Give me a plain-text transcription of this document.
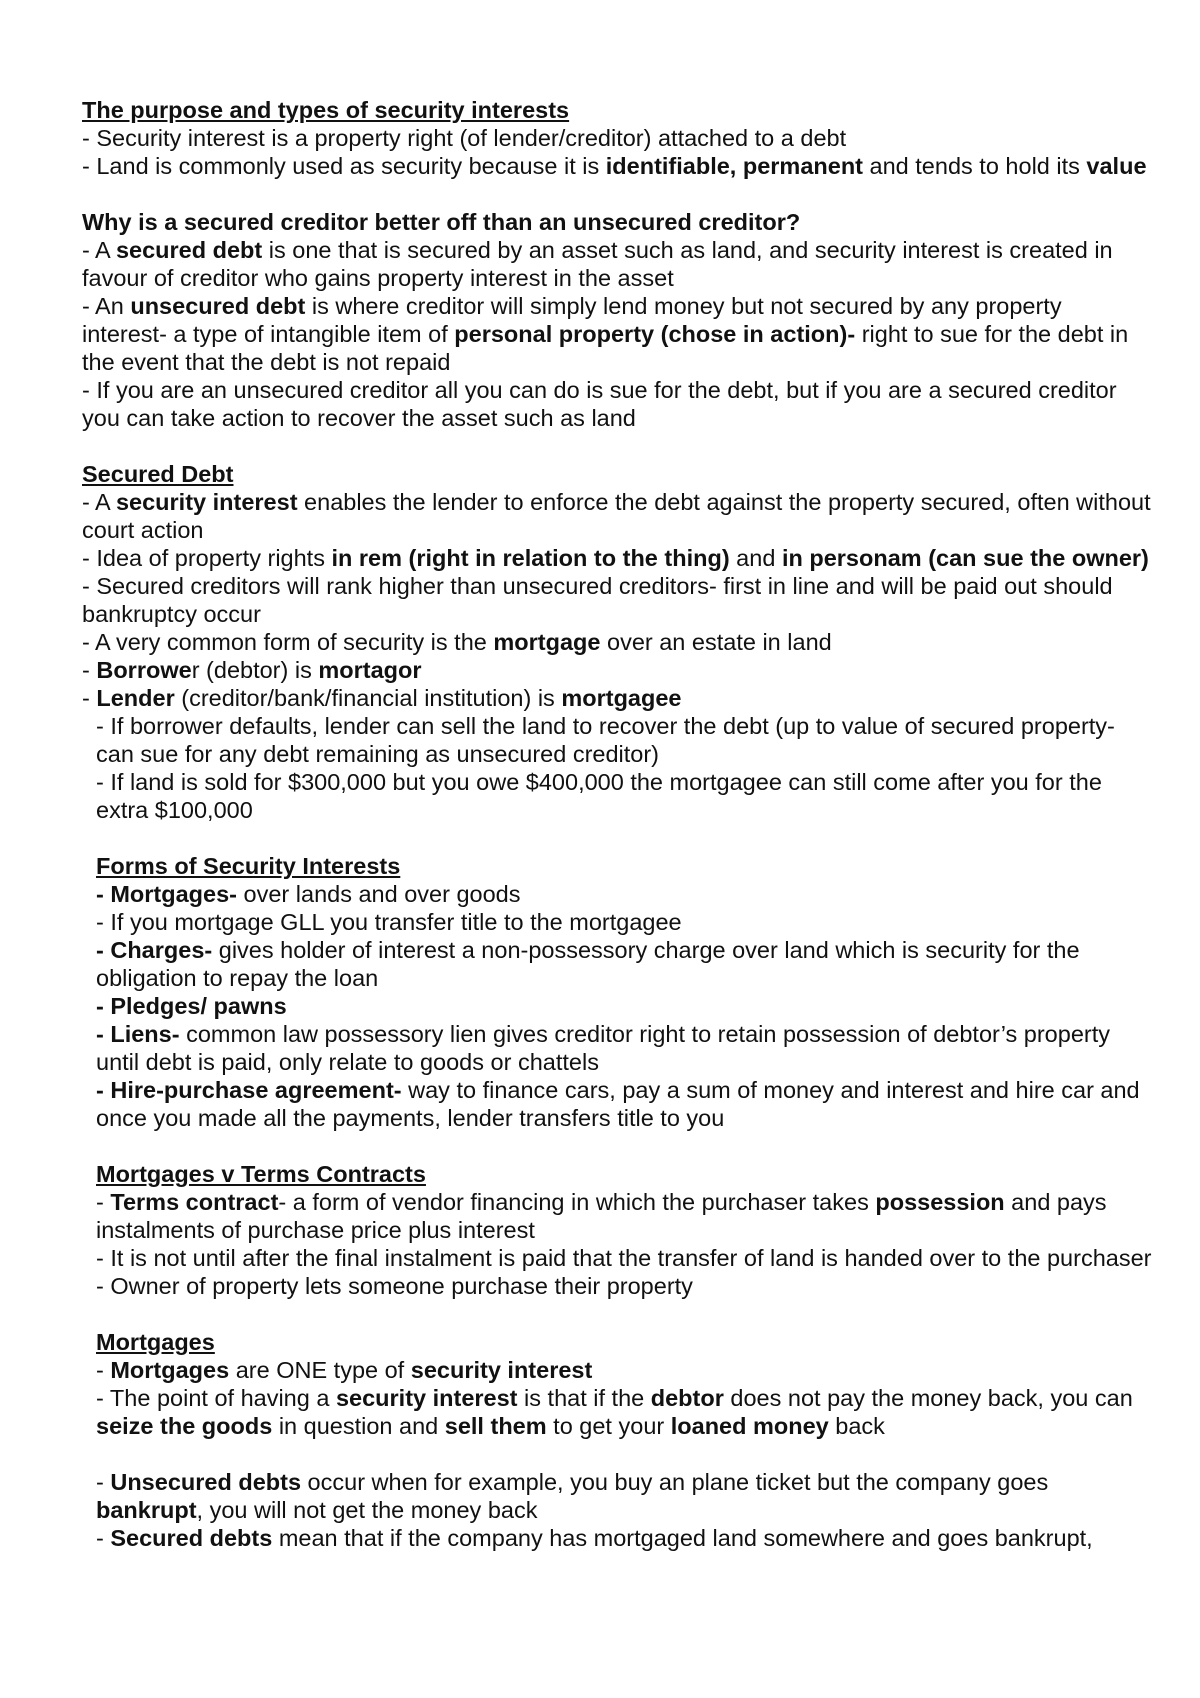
The purpose and types of security interests

- Security interest is a property right (of lender/creditor) attached to a debt

- Land is commonly used as security because it is identifiable, permanent and tends to hold its value

Why is a secured creditor better off than an unsecured creditor?

- A secured debt is one that is secured by an asset such as land, and security interest is created in favour of creditor who gains property interest in the asset

- An unsecured debt is where creditor will simply lend money but not secured by any property interest- a type of intangible item of personal property (chose in action)- right to sue for the debt in the event that the debt is not repaid

- If you are an unsecured creditor all you can do is sue for the debt, but if you are a secured creditor you can take action to recover the asset such as land

Secured Debt

- A security interest enables the lender to enforce the debt against the property secured, often without court action

- Idea of property rights in rem (right in relation to the thing) and in personam (can sue the owner)

- Secured creditors will rank higher than unsecured creditors- first in line and will be paid out should bankruptcy occur

- A very common form of security is the mortgage over an estate in land

- Borrower (debtor) is mortagor

- Lender (creditor/bank/financial institution) is mortgagee

- If borrower defaults, lender can sell the land to recover the debt (up to value of secured property- can sue for any debt remaining as unsecured creditor)

- If land is sold for $300,000 but you owe $400,000 the mortgagee can still come after you for the extra $100,000

Forms of Security Interests

- Mortgages- over lands and over goods

- If you mortgage GLL you transfer title to the mortgagee

- Charges- gives holder of interest a non-possessory charge over land which is security for the obligation to repay the loan

- Pledges/ pawns

- Liens- common law possessory lien gives creditor right to retain possession of debtor’s property until debt is paid, only relate to goods or chattels

- Hire-purchase agreement- way to finance cars, pay a sum of money and interest and hire car and once you made all the payments, lender transfers title to you

Mortgages v Terms Contracts

- Terms contract- a form of vendor financing in which the purchaser takes possession and pays instalments of purchase price plus interest

- It is not until after the final instalment is paid that the transfer of land is handed over to the purchaser

- Owner of property lets someone purchase their property

Mortgages

- Mortgages are ONE type of security interest

- The point of having a security interest is that if the debtor does not pay the money back, you can seize the goods in question and sell them to get your loaned money back

- Unsecured debts occur when for example, you buy an plane ticket but the company goes bankrupt, you will not get the money back

- Secured debts mean that if the company has mortgaged land somewhere and goes bankrupt,
